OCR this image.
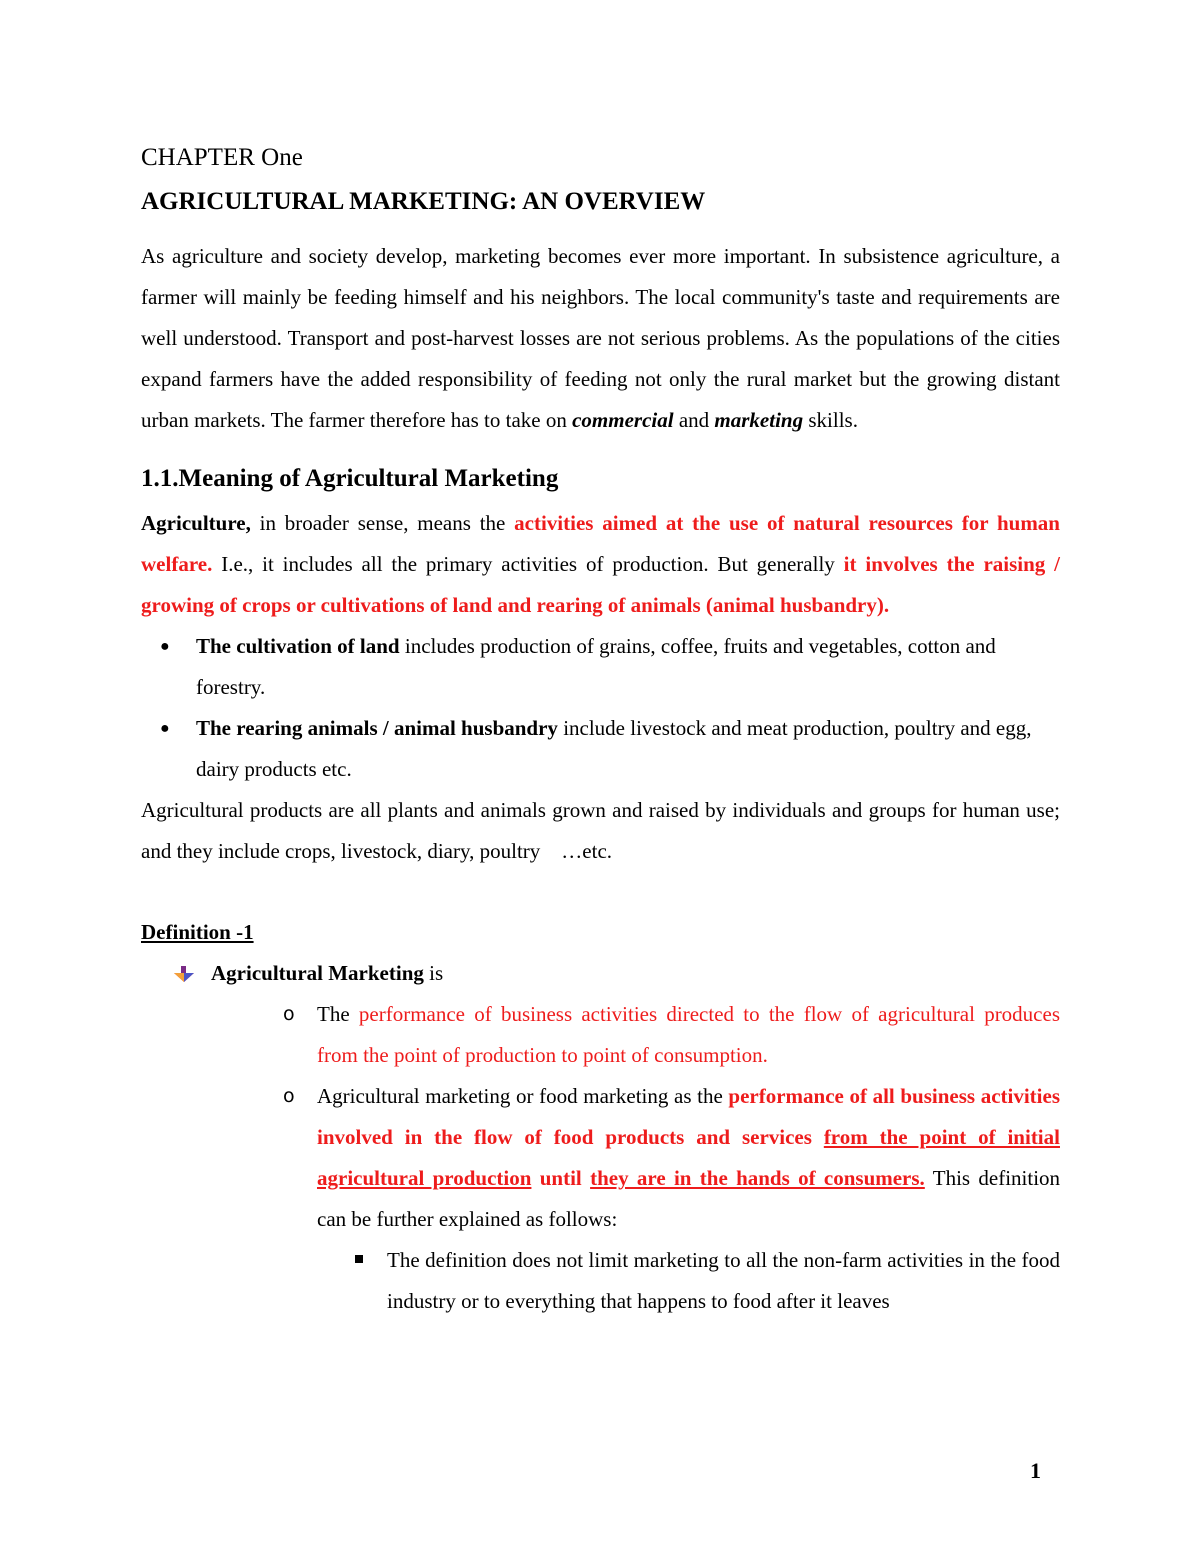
CHAPTER One

AGRICULTURAL MARKETING: AN OVERVIEW

As agriculture and society develop, marketing becomes ever more important. In subsistence agriculture, a farmer will mainly be feeding himself and his neighbors. The local community's taste and requirements are well understood. Transport and post-harvest losses are not serious problems. As the populations of the cities expand farmers have the added responsibility of feeding not only the rural market but the growing distant urban markets. The farmer therefore has to take on commercial and marketing skills.

1.1.Meaning of Agricultural Marketing

Agriculture, in broader sense, means the activities aimed at the use of natural resources for human welfare. I.e., it includes all the primary activities of production. But generally it involves the raising / growing of crops or cultivations of land and rearing of animals (animal husbandry).

● The cultivation of land includes production of grains, coffee, fruits and vegetables, cotton and forestry.
● The rearing animals / animal husbandry include livestock and meat production, poultry and egg, dairy products etc.

Agricultural products are all plants and animals grown and raised by individuals and groups for human use; and they include crops, livestock, diary, poultry    …etc.

Definition -1

Agricultural Marketing is

o The performance of business activities directed to the flow of agricultural produces from the point of production to point of consumption.
o Agricultural marketing or food marketing as the performance of all business activities involved in the flow of food products and services from the point of initial agricultural production until they are in the hands of consumers. This definition can be further explained as follows:
The definition does not limit marketing to all the non-farm activities in the food industry or to everything that happens to food after it leaves
1
